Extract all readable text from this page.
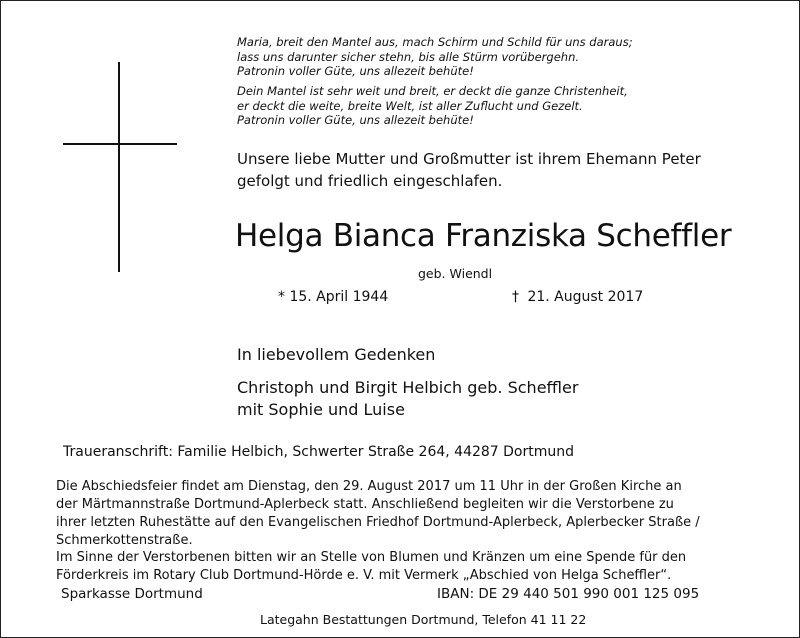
Maria, breit den Mantel aus, mach Schirm und Schild für uns daraus;
lass uns darunter sicher stehn, bis alle Stürm vorübergehn.
Patronin voller Güte, uns allezeit behüte!
Dein Mantel ist sehr weit und breit, er deckt die ganze Christenheit,
er deckt die weite, breite Welt, ist aller Zuflucht und Gezelt.
Patronin voller Güte, uns allezeit behüte!
Unsere liebe Mutter und Großmutter ist ihrem Ehemann Peter
gefolgt und friedlich eingeschlafen.
Helga Bianca Franziska Scheffler
geb. Wiendl
* 15. April 1944	† 21. August 2017
In liebevollem Gedenken
Christoph und Birgit Helbich geb. Scheffler
mit Sophie und Luise
Traueranschrift: Familie Helbich, Schwerter Straße 264, 44287 Dortmund
Die Abschiedsfeier findet am Dienstag, den 29. August 2017 um 11 Uhr in der Großen Kirche an
der Märtmannstraße Dortmund-Aplerbeck statt. Anschließend begleiten wir die Verstorbene zu
ihrer letzten Ruhestätte auf den Evangelischen Friedhof Dortmund-Aplerbeck, Aplerbecker Straße /
Schmerkottenstraße.
Im Sinne der Verstorbenen bitten wir an Stelle von Blumen und Kränzen um eine Spende für den
Förderkreis im Rotary Club Dortmund-Hörde e. V. mit Vermerk „Abschied von Helga Scheffler“.
Sparkasse Dortmund	IBAN: DE 29 440 501 990 001 125 095
Lategahn Bestattungen Dortmund, Telefon 41 11 22
